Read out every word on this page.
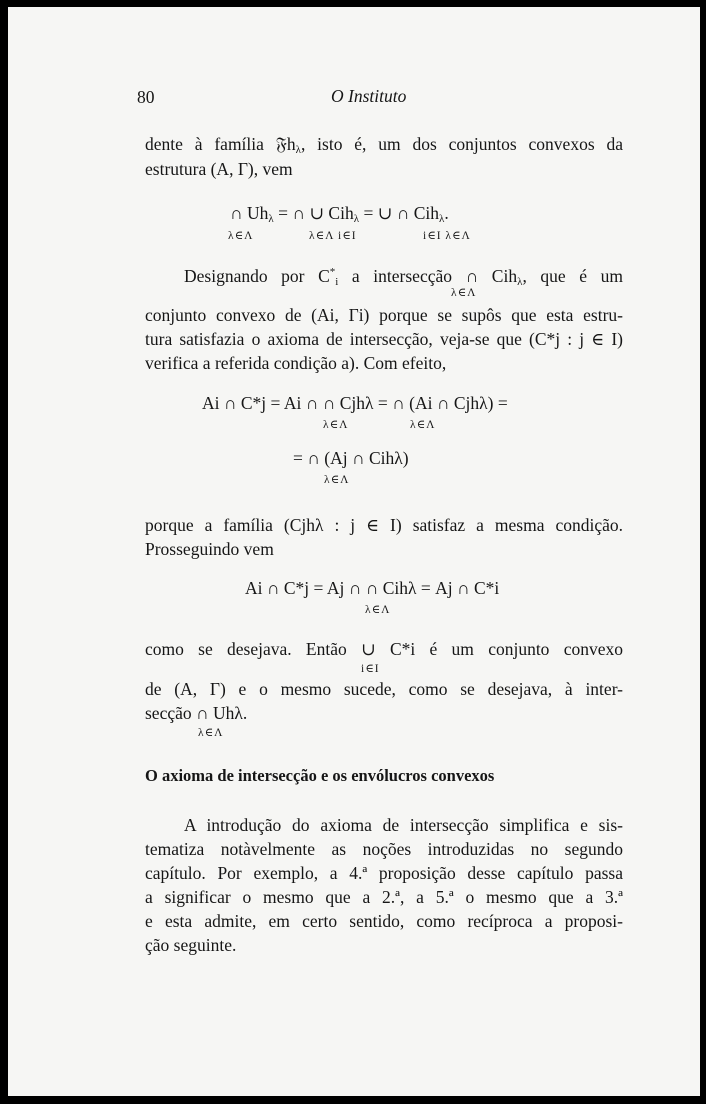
80	O Instituto
dente à família 𝔉h$_\lambda$, isto é, um dos conjuntos convexos da
estrutura (A, Γ), vem
∩ $Uh_\lambda$ = ∩ ∪ Cih$_\lambda$ = ∪ ∩ Cih$_\lambda$.
λ∈Λ	λ∈Λ i∈I	i∈I λ∈Λ
Designando por $C^*_i$ a intersecção ∩ Cih$_\lambda$, que é um
λ∈Λ
conjunto convexo de (Ai, Γi) porque se supôs que esta estru-
tura satisfazia o axioma de intersecção, veja-se que (C*j : j ∈ I)
verifica a referida condição a). Com efeito,
Ai ∩ C*j = Ai ∩ ∩ Cjhλ = ∩ (Ai ∩ Cjhλ) =
λ∈Λ	λ∈Λ
= ∩ (Aj ∩ Cihλ)
λ∈Λ
porque a família (Cjhλ : j ∈ I) satisfaz a mesma condição.
Prosseguindo vem
Ai ∩ C*j = Aj ∩ ∩ Cihλ = Aj ∩ C*i
λ∈Λ
como se desejava. Então ∪ C*i é um conjunto convexo
i∈I
de (A, Γ) e o mesmo sucede, como se desejava, à inter-
secção ∩ Uhλ.
λ∈Λ
O axioma de intersecção e os envólucros convexos
A introdução do axioma de intersecção simplifica e sis-
tematiza notàvelmente as noções introduzidas no segundo
capítulo. Por exemplo, a 4.ª proposição desse capítulo passa
a significar o mesmo que a 2.ª, a 5.ª o mesmo que a 3.ª
e esta admite, em certo sentido, como recíproca a proposi-
ção seguinte.
